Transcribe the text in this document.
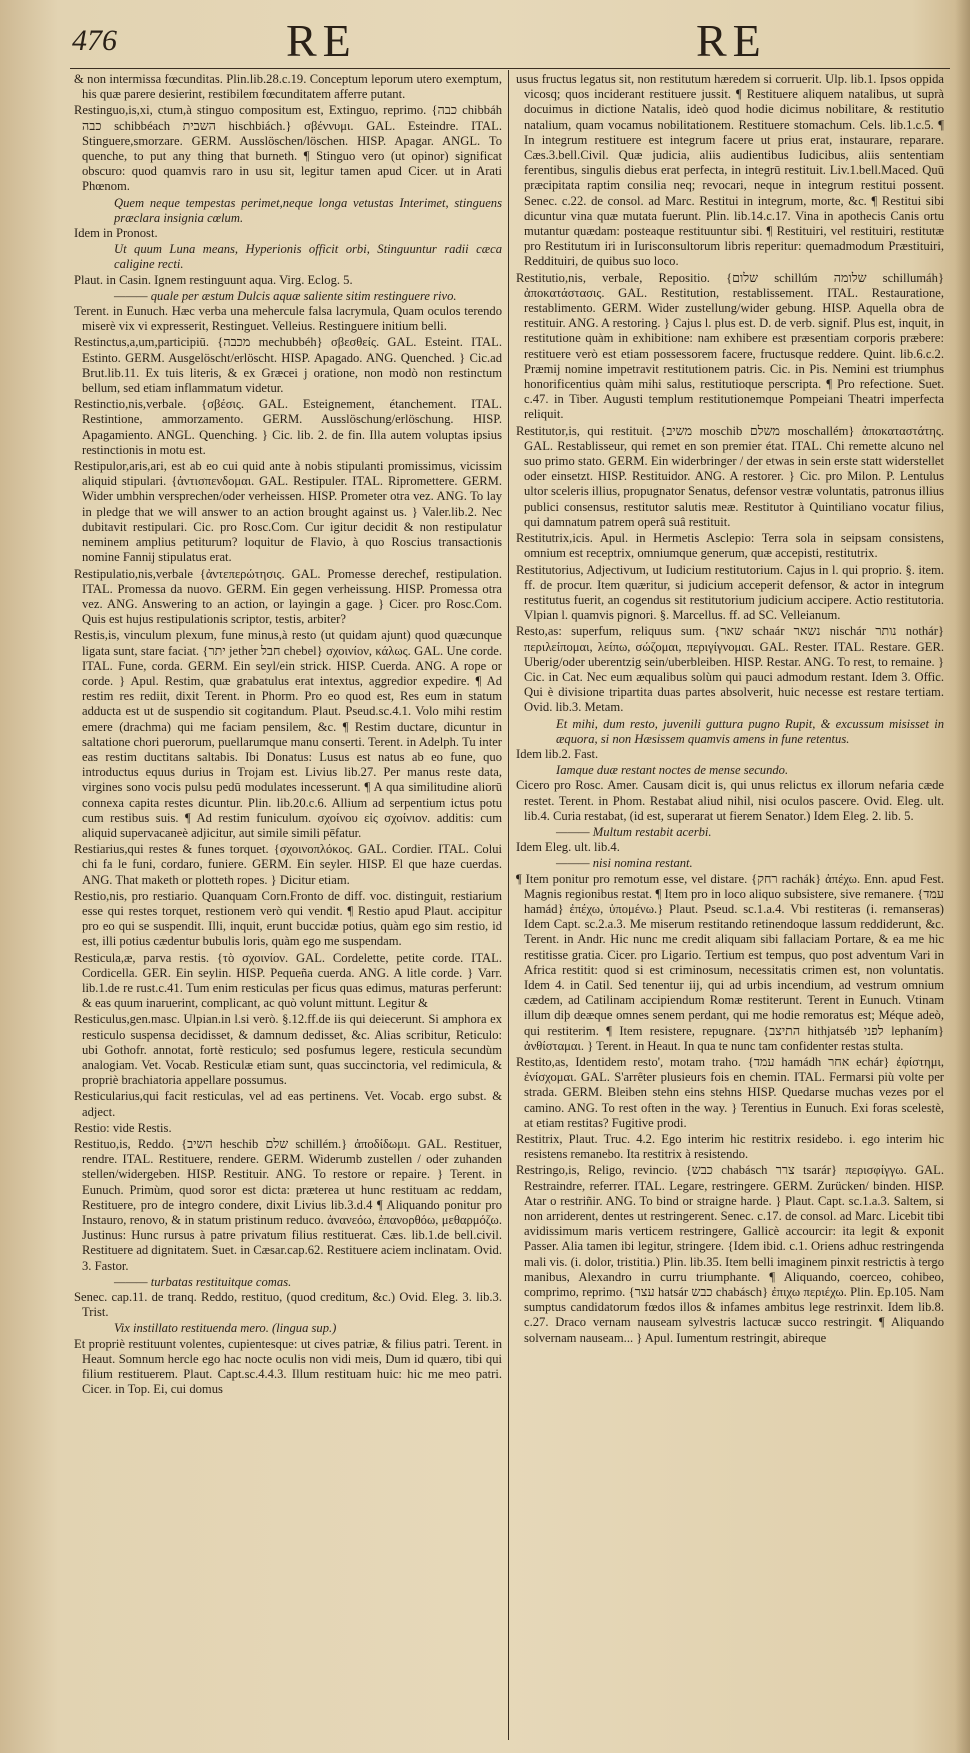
476	RE	RE

& non intermissa fœcunditas. Plin.lib.28.c.19. Conceptum leporum utero exemptum, his quæ parere desierint, restibilem fœcunditatem afferre putant.

Restinguo,is,xi, ctum,à stinguo compositum est, Extinguo, reprimo. {כבה chibbáh כבה schibbéach השבית hischbiách.} σβέννυμι. GAL. Esteindre. ITAL. Stinguere,smorzare. GERM. Ausslöschen/löschen. HISP. Apagar. ANGL. To quenche, to put any thing that burneth. ¶ Stinguo vero (ut opinor) significat obscuro: quod quamvis raro in usu sit, legitur tamen apud Cicer. ut in Arati Phœnom.

Quem neque tempestas perimet,neque longa vetustas Interimet, stinguens præclara insignia cœlum.

Idem in Pronost.

Ut quum Luna means, Hyperionis officit orbi, Stinguuntur radii cæca caligine recti.

Plaut. in Casin. Ignem restinguunt aqua. Virg. Eclog. 5.

——— quale per æstum Dulcis aquæ saliente sitim restinguere rivo.

Terent. in Eunuch. Hæc verba una mehercule falsa lacrymula, Quam oculos terendo miserè vix vi expresserit, Restinguet. Velleius. Restinguere initium belli.

Restinctus,a,um,participiū. {מכבה mechubbéh} σβεσθείς. GAL. Esteint. ITAL. Estinto. GERM. Ausgelöscht/erlöscht. HISP. Apagado. ANG. Quenched. } Cic.ad Brut.lib.11. Ex tuis literis, & ex Græcei j oratione, non modò non restinctum bellum, sed etiam inflammatum videtur.

Restinctio,nis,verbale. {σβέσις. GAL. Esteignement, étanchement. ITAL. Restintione, ammorzamento. GERM. Ausslöschung/erlöschung. HISP. Apagamiento. ANGL. Quenching. } Cic. lib. 2. de fin. Illa autem voluptas ipsius restinctionis in motu est.

Restipulor,aris,ari, est ab eo cui quid ante à nobis stipulanti promissimus, vicissim aliquid stipulari. {ἀντισπενδομαι. GAL. Restipuler. ITAL. Ripromettere. GERM. Wider umbhin versprechen/oder verheissen. HISP. Prometer otra vez. ANG. To lay in pledge that we will answer to an action brought against us. } Valer.lib.2. Nec dubitavit restipulari. Cic. pro Rosc.Com. Cur igitur decidit & non restipulatur neminem amplius petiturum? loquitur de Flavio, à quo Roscius transactionis nomine Fannij stipulatus erat.

Restipulatio,nis,verbale {ἀντεπερώτησις. GAL. Promesse derechef, restipulation. ITAL. Promessa da nuovo. GERM. Ein gegen verheissung. HISP. Promessa otra vez. ANG. Answering to an action, or layingin a gage. } Cicer. pro Rosc.Com. Quis est hujus restipulationis scriptor, testis, arbiter?

Restis,is, vinculum plexum, fune minus,à resto (ut quidam ajunt) quod quæcunque ligata sunt, stare faciat. {יתר jether חבל chebel} σχοινίον, κάλως. GAL. Une corde. ITAL. Fune, corda. GERM. Ein seyl/ein strick. HISP. Cuerda. ANG. A rope or corde. } Apul. Restim, quæ grabatulus erat intextus, aggredior expedire. ¶ Ad restim res rediit, dixit Terent. in Phorm. Pro eo quod est, Res eum in statum adducta est ut de suspendio sit cogitandum. Plaut. Pseud.sc.4.1. Volo mihi restim emere (drachma) qui me faciam pensilem, &c. ¶ Restim ductare, dicuntur in saltatione chori puerorum, puellarumque manu conserti. Terent. in Adelph. Tu inter eas restim ductitans saltabis. Ibi Donatus: Lusus est natus ab eo fune, quo introductus equus durius in Trojam est. Livius lib.27. Per manus reste data, virgines sono vocis pulsu pedū modulates incesserunt. ¶ A qua similitudine aliorū connexa capita restes dicuntur. Plin. lib.20.c.6. Allium ad serpentium ictus potu cum restibus suis. ¶ Ad restim funiculum. σχοίνου εἰς σχοίνιον. additis: cum aliquid supervacaneè adjicitur, aut simile simili pēfatur.

Restiarius,qui restes & funes torquet. {σχοινοπλόκος. GAL. Cordier. ITAL. Colui chi fa le funi, cordaro, funiere. GERM. Ein seyler. HISP. El que haze cuerdas. ANG. That maketh or plotteth ropes. } Dicitur etiam.

Restio,nis, pro restiario. Quanquam Corn.Fronto de diff. voc. distinguit, restiarium esse qui restes torquet, restionem verò qui vendit. ¶ Restio apud Plaut. accipitur pro eo qui se suspendit. Illi, inquit, erunt buccidæ potius, quàm ego sim restio, id est, illi potius cædentur bubulis loris, quàm ego me suspendam.

Resticula,æ, parva restis. {τὸ σχοινίον. GAL. Cordelette, petite corde. ITAL. Cordicella. GER. Ein seylin. HISP. Pequeña cuerda. ANG. A litle corde. } Varr. lib.1.de re rust.c.41. Tum enim resticulas per ficus quas edimus, maturas perferunt: & eas quum inaruerint, complicant, ac quò volunt mittunt. Legitur &

Resticulus,gen.masc. Ulpian.in l.si verò. §.12.ff.de iis qui deiecerunt. Si amphora ex resticulo suspensa decidisset, & damnum dedisset, &c. Alias scribitur, Reticulo: ubi Gothofr. annotat, fortè resticulo; sed posfumus legere, resticula secundùm analogiam. Vet. Vocab. Resticulæ etiam sunt, quas succinctoria, vel redimicula, & propriè brachiatoria appellare possumus.

Resticularius,qui facit resticulas, vel ad eas pertinens. Vet. Vocab. ergo subst. & adject.

Restio: vide Restis.

Restituo,is, Reddo. {השיב heschib שלם schillém.} ἀποδίδωμι. GAL. Restituer, rendre. ITAL. Restituere, rendere. GERM. Widerumb zustellen / oder zuhanden stellen/widergeben. HISP. Restituir. ANG. To restore or repaire. } Terent. in Eunuch. Primùm, quod soror est dicta: præterea ut hunc restituam ac reddam, Restituere, pro de integro condere, dixit Livius lib.3.d.4 ¶ Aliquando ponitur pro Instauro, renovo, & in statum pristinum reduco. ἀνανεόω, ἐπανορθόω, μεθαρμόζω. Justinus: Hunc rursus à patre privatum filius restituerat. Cæs. lib.1.de bell.civil. Restituere ad dignitatem. Suet. in Cæsar.cap.62. Restituere aciem inclinatam. Ovid. 3. Fastor.

——— turbatas restituitque comas.

Senec. cap.11. de tranq. Reddo, restituo, (quod creditum, &c.) Ovid. Eleg. 3. lib.3. Trist.

Vix instillato restituenda mero. (lingua sup.)

Et propriè restituunt volentes, cupientesque: ut cives patriæ, & filius patri. Terent. in Heaut. Somnum hercle ego hac nocte oculis non vidi meis, Dum id quæro, tibi qui filium restituerem. Plaut. Capt.sc.4.4.3. Illum restituam huic: hic me meo patri. Cicer. in Top. Ei, cui domus

usus fructus legatus sit, non restitutum hæredem si corruerit. Ulp. lib.1. Ipsos oppida vicosq; quos inciderant restituere jussit. ¶ Restituere aliquem natalibus, ut suprà docuimus in dictione Natalis, ideò quod hodie dicimus nobilitare, & restitutio natalium, quam vocamus nobilitationem. Restituere stomachum. Cels. lib.1.c.5. ¶ In integrum restituere est integrum facere ut prius erat, instaurare, reparare. Cæs.3.bell.Civil. Quæ judicia, aliis audientibus Iudicibus, aliis sententiam ferentibus, singulis diebus erat perfecta, in integrū restituit. Liv.1.bell.Maced. Quū præcipitata raptim consilia neq; revocari, neque in integrum restitui possent. Senec. c.22. de consol. ad Marc. Restitui in integrum, morte, &c. ¶ Restitui sibi dicuntur vina quæ mutata fuerunt. Plin. lib.14.c.17. Vina in apothecis Canis ortu mutantur quædam: posteaque restituuntur sibi. ¶ Restituiri, vel restituiri, restitutæ pro Restitutum iri in Iurisconsultorum libris reperitur: quemadmodum Præstituiri, Reddituiri, de quibus suo loco.

Restitutio,nis, verbale, Repositio. {שלום schillúm שלומה schillumáh} ἀποκατάστασις. GAL. Restitution, restablissement. ITAL. Restauratione, restablimento. GERM. Wider zustellung/wider gebung. HISP. Aquella obra de restituir. ANG. A restoring. } Cajus l. plus est. D. de verb. signif. Plus est, inquit, in restitutione quàm in exhibitione: nam exhibere est præsentiam corporis præbere: restituere verò est etiam possessorem facere, fructusque reddere. Quint. lib.6.c.2. Præmij nomine impetravit restitutionem patris. Cic. in Pis. Nemini est triumphus honorificentius quàm mihi salus, restitutioque perscripta. ¶ Pro refectione. Suet. c.47. in Tiber. Augusti templum restitutionemque Pompeiani Theatri imperfecta reliquit.

Restitutor,is, qui restituit. {משיב moschib משלם moschallém} ἀποκαταστάτης. GAL. Restablisseur, qui remet en son premier état. ITAL. Chi remette alcuno nel suo primo stato. GERM. Ein widerbringer / der etwas in sein erste statt widerstellet oder einsetzt. HISP. Restituidor. ANG. A restorer. } Cic. pro Milon. P. Lentulus ultor sceleris illius, propugnator Senatus, defensor vestræ voluntatis, patronus illius publici consensus, restitutor salutis meæ. Restitutor à Quintiliano vocatur filius, qui damnatum patrem operâ suâ restituit.

Restitutrix,icis. Apul. in Hermetis Asclepio: Terra sola in seipsam consistens, omnium est receptrix, omniumque generum, quæ accepisti, restitutrix.

Restitutorius, Adjectivum, ut Iudicium restitutorium. Cajus in l. qui proprio. §. item. ff. de procur. Item quæritur, si judicium acceperit defensor, & actor in integrum restitutus fuerit, an cogendus sit restitutorium judicium accipere. Actio restitutoria. Vlpian l. quamvis pignori. §. Marcellus. ff. ad SC. Velleianum.

Resto,as: superfum, reliquus sum. {שאר schaár נשאר nischár נותר nothár} περιλείπομαι, λείπω, σώζομαι, περιγίγνομαι. GAL. Rester. ITAL. Restare. GER. Uberig/oder uberentzig sein/uberbleiben. HISP. Restar. ANG. To rest, to remaine. } Cic. in Cat. Nec eum æqualibus solùm qui pauci admodum restant. Idem 3. Offic. Qui è divisione tripartita duas partes absolverit, huic necesse est restare tertiam. Ovid. lib.3. Metam.

Et mihi, dum resto, juvenili guttura pugno Rupit, & excussum misisset in æquora, si non Hæsissem quamvis amens in fune retentus.

Idem lib.2. Fast.

Iamque duæ restant noctes de mense secundo.

Cicero pro Rosc. Amer. Causam dicit is, qui unus relictus ex illorum nefaria cæde restet. Terent. in Phom. Restabat aliud nihil, nisi oculos pascere. Ovid. Eleg. ult. lib.4. Curia restabat, (id est, superarat ut fierem Senator.) Idem Eleg. 2. lib. 5.

——— Multum restabit acerbi.

Idem Eleg. ult. lib.4.

——— nisi nomina restant.

¶ Item ponitur pro remotum esse, vel distare. {רחק rachák} ἀπέχω. Enn. apud Fest. Magnis regionibus restat. ¶ Item pro in loco aliquo subsistere, sive remanere. {עמד hamád} ἐπέχω, ὑπομένω.} Plaut. Pseud. sc.1.a.4. Vbi restiteras (i. remanseras) Idem Capt. sc.2.a.3. Me miserum restitando retinendoque lassum reddiderunt, &c. Terent. in Andr. Hic nunc me credit aliquam sibi fallaciam Portare, & ea me hic restitisse gratia. Cicer. pro Ligario. Tertium est tempus, quo post adventum Vari in Africa restitit: quod si est criminosum, necessitatis crimen est, non voluntatis. Idem 4. in Catil. Sed tenentur iij, qui ad urbis incendium, ad vestrum omnium cædem, ad Catilinam accipiendum Romæ restiterunt. Terent in Eunuch. Vtinam illum diþ deæque omnes senem perdant, qui me hodie remoratus est; Méque adeò, qui restiterim. ¶ Item resistere, repugnare. {התיצב hithjatséb לפני lephaním} ἀνθίσταμαι. } Terent. in Heaut. In qua te nunc tam confidenter restas stulta.

Restito,as, Identidem resto', motam traho. {עמד hamádh אחר echár} ἐφίστημι, ἐνίσχομαι. GAL. S'arrêter plusieurs fois en chemin. ITAL. Fermarsi più volte per strada. GERM. Bleiben stehn eins stehns HISP. Quedarse muchas vezes por el camino. ANG. To rest often in the way. } Terentius in Eunuch. Exi foras scelestè, at etiam restitas? Fugitive prodi.

Restitrix, Plaut. Truc. 4.2. Ego interim hic restitrix residebo. i. ego interim hic resistens remanebo. Ita restitrix à resistendo.

Restringo,is, Religo, revincio. {כבש chabásch צרר tsarár} περισφίγγω. GAL. Restraindre, referrer. ITAL. Legare, restringere. GERM. Zurücken/ binden. HISP. Atar o restriñir. ANG. To bind or straigne harde. } Plaut. Capt. sc.1.a.3. Saltem, si non arriderent, dentes ut restringerent. Senec. c.17. de consol. ad Marc. Licebit tibi avidissimum maris verticem restringere, Gallicè accourcir: ita legit & exponit Passer. Alia tamen ibi legitur, stringere. {Idem ibid. c.1. Oriens adhuc restringenda mali vis. (i. dolor, tristitia.) Plin. lib.35. Item belli imaginem pinxit restrictis à tergo manibus, Alexandro in curru triumphante. ¶ Aliquando, coerceo, cohibeo, comprimo, reprimo. {עצר hatsár כבש chabásch} ἐπιχω περιέχω. Plin. Ep.105. Nam sumptus candidatorum fœdos illos & infames ambitus lege restrinxit. Idem lib.8. c.27. Draco vernam nauseam sylvestris lactucæ succo restringit. ¶ Aliquando solvernam nauseam... } Apul. Iumentum restringit, abireque
